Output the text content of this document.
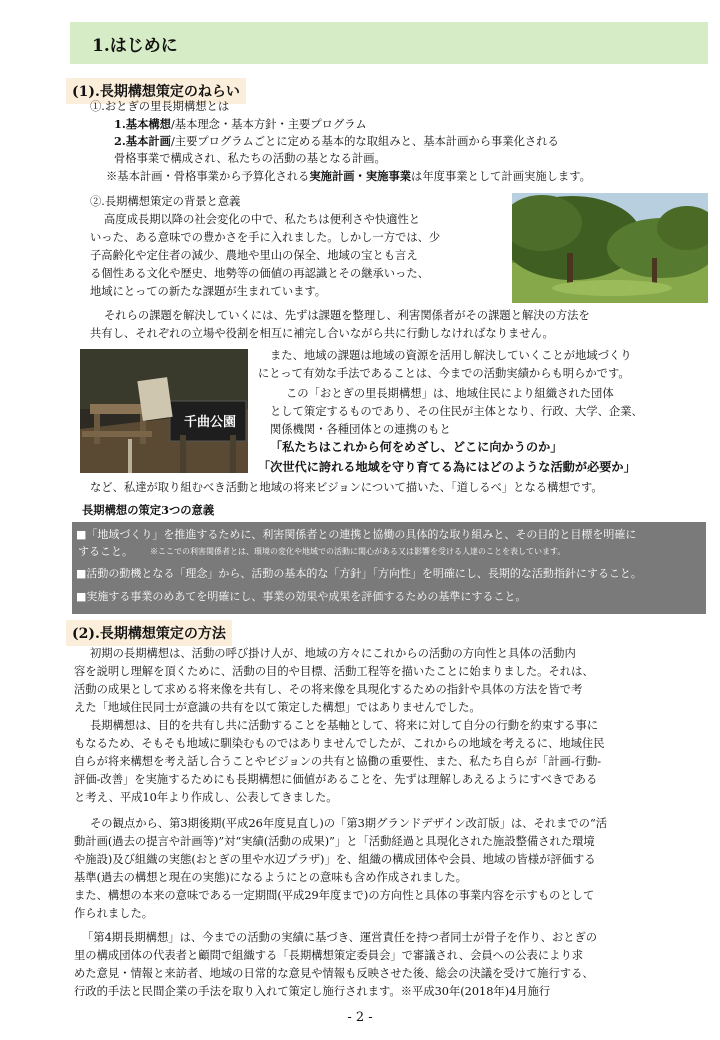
1.はじめに
(1).長期構想策定のねらい
①.おとぎの里長期構想とは
1.基本構想/基本理念・基本方針・主要プログラム
2.基本計画/主要プログラムごとに定める基本的な取組みと、基本計画から事業化される
骨格事業で構成され、私たちの活動の基となる計画。
※基本計画・骨格事業から予算化される実施計画・実施事業は年度事業として計画実施します。
②.長期構想策定の背景と意義
高度成長期以降の社会変化の中で、私たちは便利さや快適性と
いった、ある意味での豊かさを手に入れました。しかし一方では、少
子高齢化や定住者の減少、農地や里山の保全、地域の宝とも言え
る個性ある文化や歴史、地勢等の価値の再認識とその継承いった、
地域にとっての新たな課題が生まれています。
それらの課題を解決していくには、先ずは課題を整理し、利害関係者がその課題と解決の方法を
共有し、それぞれの立場や役割を相互に補完し合いながら共に行動しなければなりません。
千曲公園
また、地域の課題は地域の資源を活用し解決していくことが地域づくり
にとって有効な手法であることは、今までの活動実績からも明らかです。
この「おとぎの里長期構想」は、地域住民により組織された団体
として策定するものであり、その住民が主体となり、行政、大学、企業、
関係機関・各種団体との連携のもと
「私たちはこれから何をめざし、どこに向かうのか」
「次世代に誇れる地域を守り育てる為にはどのような活動が必要か」
など、私達が取り組むべき活動と地域の将来ビジョンについて描いた、「道しるべ」となる構想です。
長期構想の策定3つの意義
■「地域づくり」を推進するために、利害関係者との連携と協働の具体的な取り組みと、その目的と目標を明確に
すること。 ※ここでの利害関係者とは、環境の変化や地域での活動に関心がある又は影響を受ける人達のことを表しています。
■活動の動機となる「理念」から、活動の基本的な「方針」「方向性」を明確にし、長期的な活動指針にすること。
■実施する事業のめあてを明確にし、事業の効果や成果を評価するための基準にすること。
(2).長期構想策定の方法
初期の長期構想は、活動の呼び掛け人が、地域の方々にこれからの活動の方向性と具体の活動内
容を説明し理解を頂くために、活動の目的や目標、活動工程等を描いたことに始まりました。それは、
活動の成果として求める将来像を共有し、その将来像を具現化するための指針や具体の方法を皆で考
えた「地域住民同士が意識の共有を以て策定した構想」ではありませんでした。
長期構想は、目的を共有し共に活動することを基軸として、将来に対して自分の行動を約束する事に
もなるため、そもそも地域に馴染むものではありませんでしたが、これからの地域を考えるに、地域住民
自らが将来構想を考え話し合うことやビジョンの共有と協働の重要性、また、私たち自らが「計画-行動-
評価-改善」を実施するためにも長期構想に価値があることを、先ずは理解しあえるようにすべきである
と考え、平成10年より作成し、公表してきました。
その観点から、第3期後期(平成26年度見直し)の「第3期グランドデザイン改訂版」は、それまでの“活
動計画(過去の提言や計画等)”対“実績(活動の成果)”」と「活動経過と具現化された施設整備された環境
や施設)及び組織の実態(おとぎの里や水辺プラザ)」を、組織の構成団体や会員、地域の皆様が評価する
基準(過去の構想と現在の実態)になるようにとの意味も含め作成されました。
また、構想の本来の意味である一定期間(平成29年度まで)の方向性と具体の事業内容を示すものとして
作られました。
「第4期長期構想」は、今までの活動の実績に基づき、運営責任を持つ者同士が骨子を作り、おとぎの
里の構成団体の代表者と顧問で組織する「長期構想策定委員会」で審議され、会員への公表により求
めた意見・情報と来訪者、地域の日常的な意見や情報も反映させた後、総会の決議を受けて施行する、
行政的手法と民間企業の手法を取り入れて策定し施行されます。※平成30年(2018年)4月施行
- 2 -
